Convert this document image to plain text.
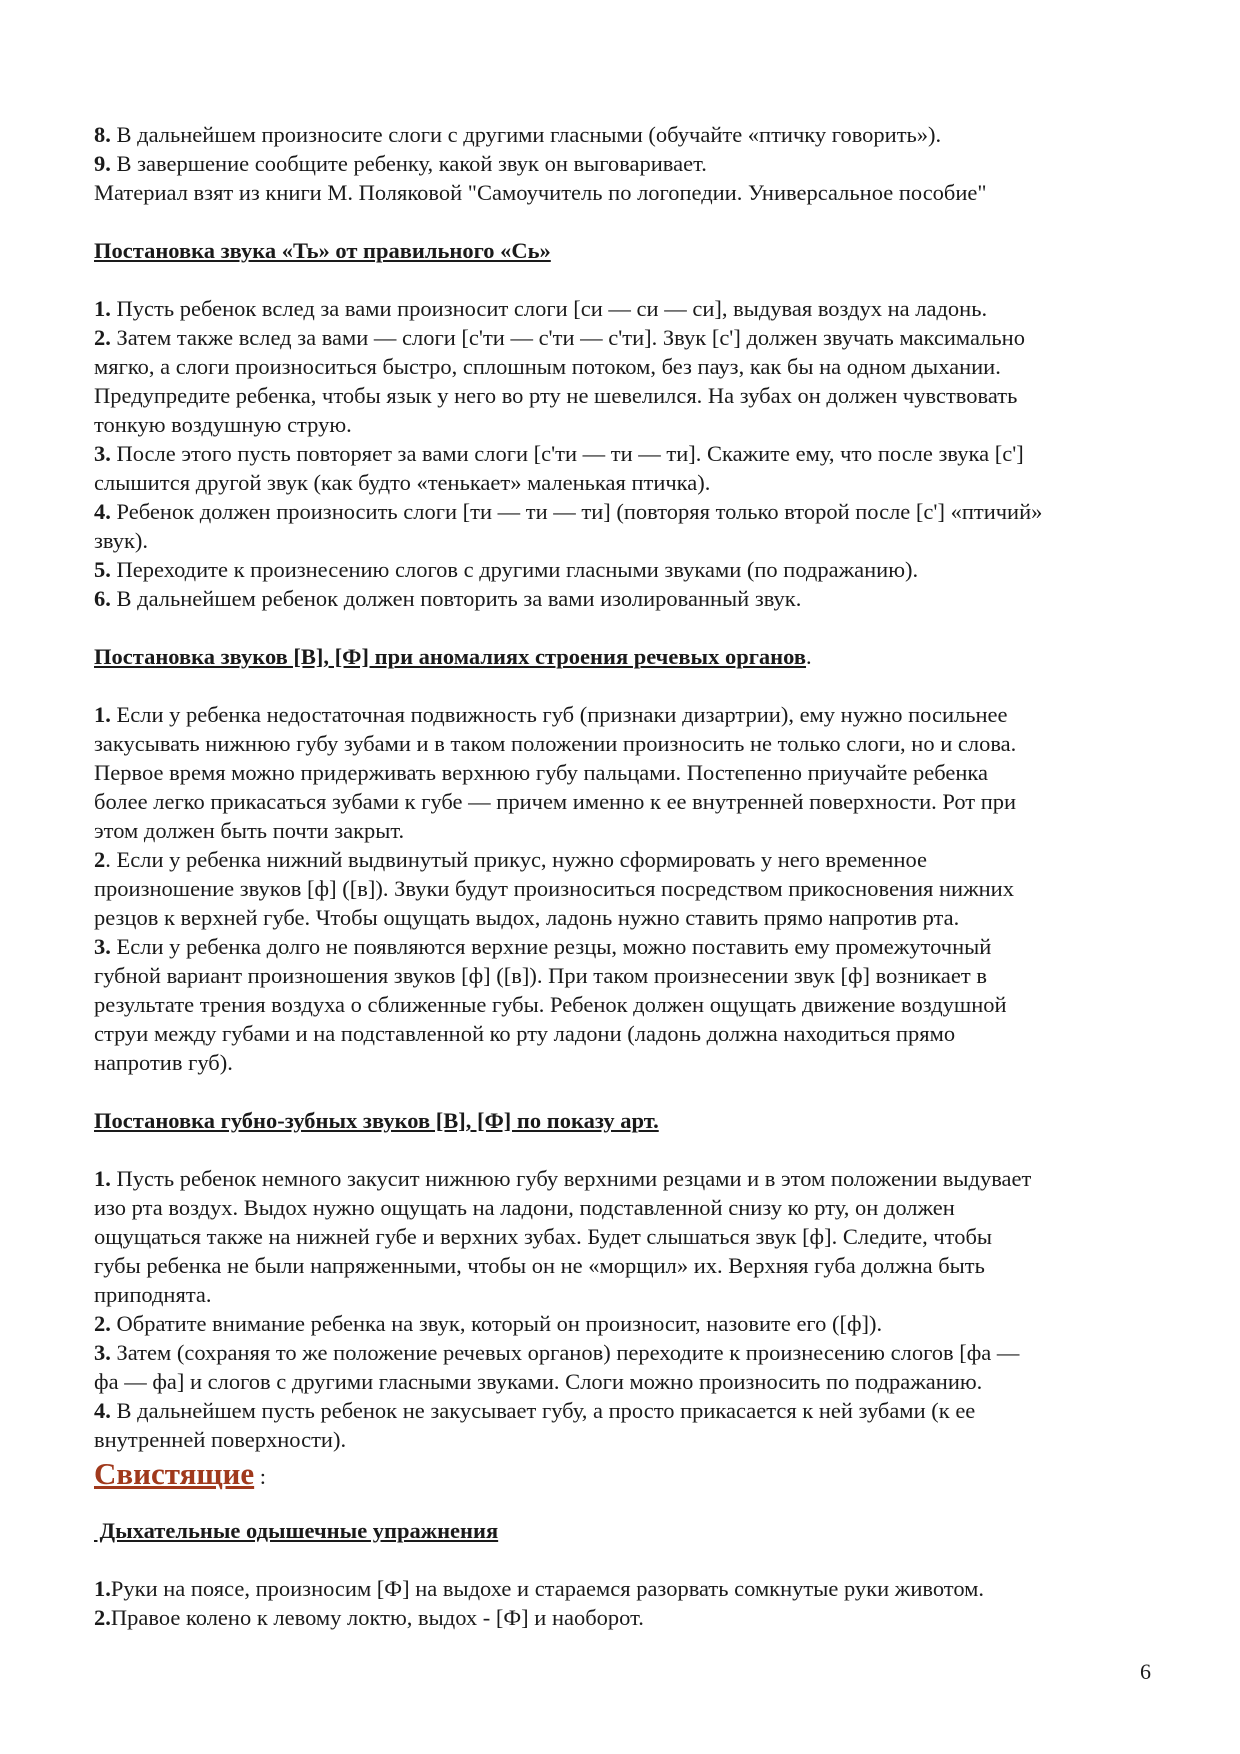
8. В дальнейшем произносите слоги с другими гласными (обучайте «птичку говорить»).
9. В завершение сообщите ребенку, какой звук он выговаривает.
Материал взят из книги М. Поляковой "Самоучитель по логопедии. Универсальное пособие"
Постановка звука «Ть» от правильного «Сь»
1. Пусть ребенок вслед за вами произносит слоги [си — си — си], выдувая воздух на ладонь.
2. Затем также вслед за вами — слоги [с'ти — с'ти — с'ти]. Звук [с'] должен звучать максимально
мягко, а слоги произноситься быстро, сплошным потоком, без пауз, как бы на одном дыхании.
Предупредите ребенка, чтобы язык у него во рту не шевелился. На зубах он должен чувствовать
тонкую воздушную струю.
3. После этого пусть повторяет за вами слоги [с'ти — ти — ти]. Скажите ему, что после звука [с']
слышится другой звук (как будто «тенькает» маленькая птичка).
4. Ребенок должен произносить слоги [ти — ти — ти] (повторяя только второй после [с'] «птичий»
звук).
5. Переходите к произнесению слогов с другими гласными звуками (по подражанию).
6. В дальнейшем ребенок должен повторить за вами изолированный звук.
Постановка звуков [В], [Ф] при аномалиях строения речевых органов.
1. Если у ребенка недостаточная подвижность губ (признаки дизартрии), ему нужно посильнее
закусывать нижнюю губу зубами и в таком положении произносить не только слоги, но и слова.
Первое время можно придерживать верхнюю губу пальцами. Постепенно приучайте ребенка
более легко прикасаться зубами к губе — причем именно к ее внутренней поверхности. Рот при
этом должен быть почти закрыт.
2. Если у ребенка нижний выдвинутый прикус, нужно сформировать у него временное
произношение звуков [ф] ([в]). Звуки будут произноситься посредством прикосновения нижних
резцов к верхней губе. Чтобы ощущать выдох, ладонь нужно ставить прямо напротив рта.
3. Если у ребенка долго не появляются верхние резцы, можно поставить ему промежуточный
губной вариант произношения звуков [ф] ([в]). При таком произнесении звук [ф] возникает в
результате трения воздуха о сближенные губы. Ребенок должен ощущать движение воздушной
струи между губами и на подставленной ко рту ладони (ладонь должна находиться прямо
напротив губ).
Постановка губно-зубных звуков [В], [Ф] по показу арт.
1. Пусть ребенок немного закусит нижнюю губу верхними резцами и в этом положении выдувает
изо рта воздух. Выдох нужно ощущать на ладони, подставленной снизу ко рту, он должен
ощущаться также на нижней губе и верхних зубах. Будет слышаться звук [ф]. Следите, чтобы
губы ребенка не были напряженными, чтобы он не «морщил» их. Верхняя губа должна быть
приподнята.
2. Обратите внимание ребенка на звук, который он произносит, назовите его ([ф]).
3. Затем (сохраняя то же положение речевых органов) переходите к произнесению слогов [фа —
фа — фа] и слогов с другими гласными звуками. Слоги можно произносить по подражанию.
4. В дальнейшем пусть ребенок не закусывает губу, а просто прикасается к ней зубами (к ее
внутренней поверхности).
Свистящие :
Дыхательные одышечные упражнения
1.Руки на поясе, произносим [Ф] на выдохе и стараемся разорвать сомкнутые руки животом.
2.Правое колено к левому локтю, выдох - [Ф] и наоборот.
6
